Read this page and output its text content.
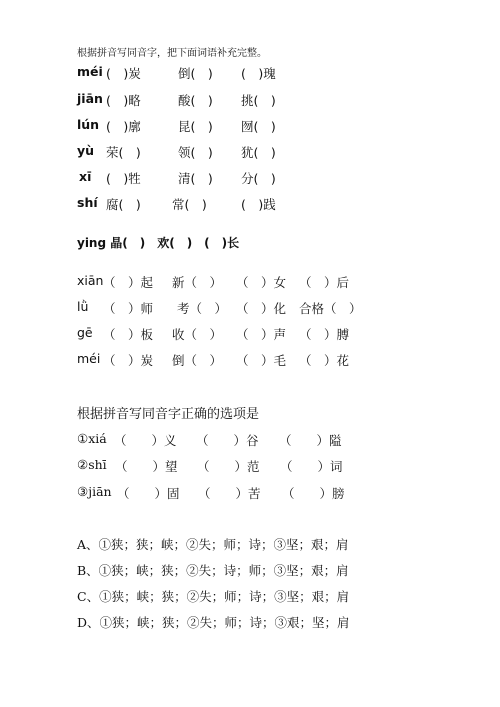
根据拼音写同音字，把下面词语补充完整。
méi (　)炭	倒(　) (　)瑰
jiān (　)略	酸(　) 挑(　)
lún (　)廓	昆(　) 囫(　)
yù 荣(　)	领(　) 犹(　)
xī (　)牲	清(　) 分(　)
shí 腐(　) 常(　)	(　)践
ying 晶(　)　欢(　)　(　)长
xiān （　）起 新（　） （　）女 （　）后
lǜ （　）师 考（　） （　）化 合格（　）
gē （　）板 收（　） （　）声 （　）膊
méi （　）炭 倒（　） （　）毛 （　）花
根据拼音写同音字正确的选项是
①xiá （　　）义 （　　）谷 （　　）隘
②shī （　　）望 （　　）范 （　　）词
③jiān （　　）固 （　　）苦 （　　）膀
A、①狭；狭；峡；②失；师；诗；③坚；艰；肩
B、①狭；峡；狭；②失；诗；师；③坚；艰；肩
C、①狭；峡；狭；②失；师；诗；③坚；艰；肩
D、①狭；峡；狭；②失；师；诗；③艰；坚；肩
